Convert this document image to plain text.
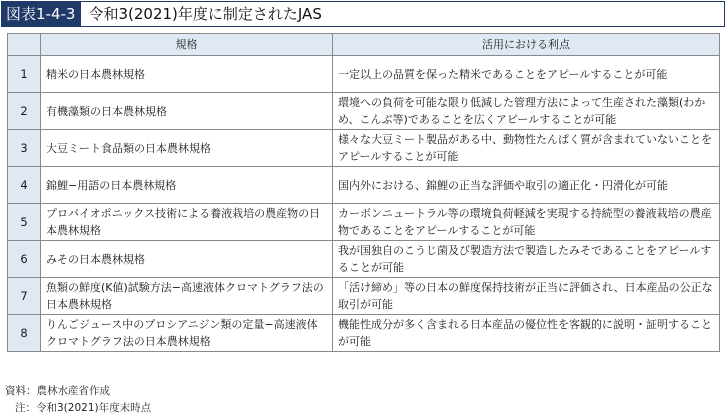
図表1-4-3 令和3(2021)年度に制定されたJAS
	規格	活用における利点
1	精米の日本農林規格	一定以上の品質を保った精米であることをアピールすることが可能
2	有機藻類の日本農林規格	環境への負荷を可能な限り低減した管理方法によって生産された藻類(わかめ、こんぶ等)であることを広くアピールすることが可能
3	大豆ミート食品類の日本農林規格	様々な大豆ミート製品がある中、動物性たんぱく質が含まれていないことをアピールすることが可能
4	錦鯉−用語の日本農林規格	国内外における、錦鯉の正当な評価や取引の適正化・円滑化が可能
5	プロバイオポニックス技術による養液栽培の農産物の日本農林規格	カーボンニュートラル等の環境負荷軽減を実現する持続型の養液栽培の農産物であることをアピールすることが可能
6	みその日本農林規格	我が国独自のこうじ菌及び製造方法で製造したみそであることをアピールすることが可能
7	魚類の鮮度(K値)試験方法−高速液体クロマトグラフ法の日本農林規格	「活け締め」等の日本の鮮度保持技術が正当に評価され、日本産品の公正な取引が可能
8	りんごジュース中のプロシアニジン類の定量−高速液体クロマトグラフ法の日本農林規格	機能性成分が多く含まれる日本産品の優位性を客観的に説明・証明することが可能
資料：農林水産省作成
注：令和3(2021)年度末時点
